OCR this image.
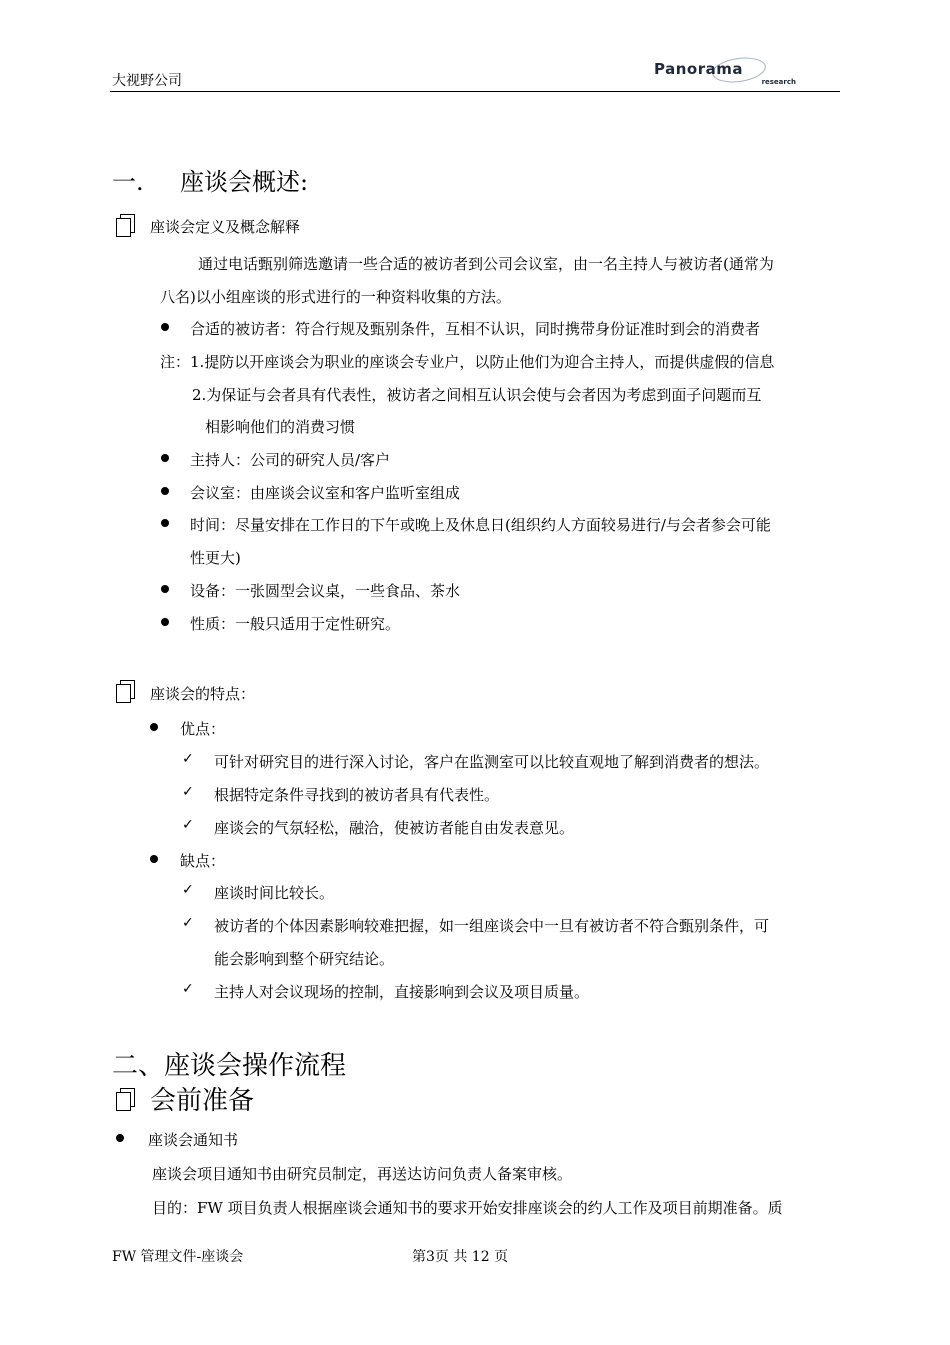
大视野公司
Panorama
research
一. 座谈会概述:
座谈会定义及概念解释
通过电话甄别筛选邀请一些合适的被访者到公司会议室，由一名主持人与被访者(通常为
八名)以小组座谈的形式进行的一种资料收集的方法。
合适的被访者：符合行规及甄别条件，互相不认识，同时携带身份证准时到会的消费者
注：1.提防以开座谈会为职业的座谈会专业户，以防止他们为迎合主持人，而提供虚假的信息
2.为保证与会者具有代表性，被访者之间相互认识会使与会者因为考虑到面子问题而互
相影响他们的消费习惯
主持人：公司的研究人员/客户
会议室：由座谈会议室和客户监听室组成
时间：尽量安排在工作日的下午或晚上及休息日(组织约人方面较易进行/与会者参会可能
性更大)
设备：一张圆型会议桌，一些食品、茶水
性质：一般只适用于定性研究。
座谈会的特点：
优点：
✓ 可针对研究目的进行深入讨论，客户在监测室可以比较直观地了解到消费者的想法。
✓ 根据特定条件寻找到的被访者具有代表性。
✓ 座谈会的气氛轻松，融洽，使被访者能自由发表意见。
缺点：
✓ 座谈时间比较长。
✓ 被访者的个体因素影响较难把握，如一组座谈会中一旦有被访者不符合甄别条件，可
能会影响到整个研究结论。
✓ 主持人对会议现场的控制，直接影响到会议及项目质量。
二、座谈会操作流程
会前准备
座谈会通知书
座谈会项目通知书由研究员制定，再送达访问负责人备案审核。
目的：FW 项目负责人根据座谈会通知书的要求开始安排座谈会的约人工作及项目前期准备。质
FW 管理文件-座谈会	第3页 共 12 页
